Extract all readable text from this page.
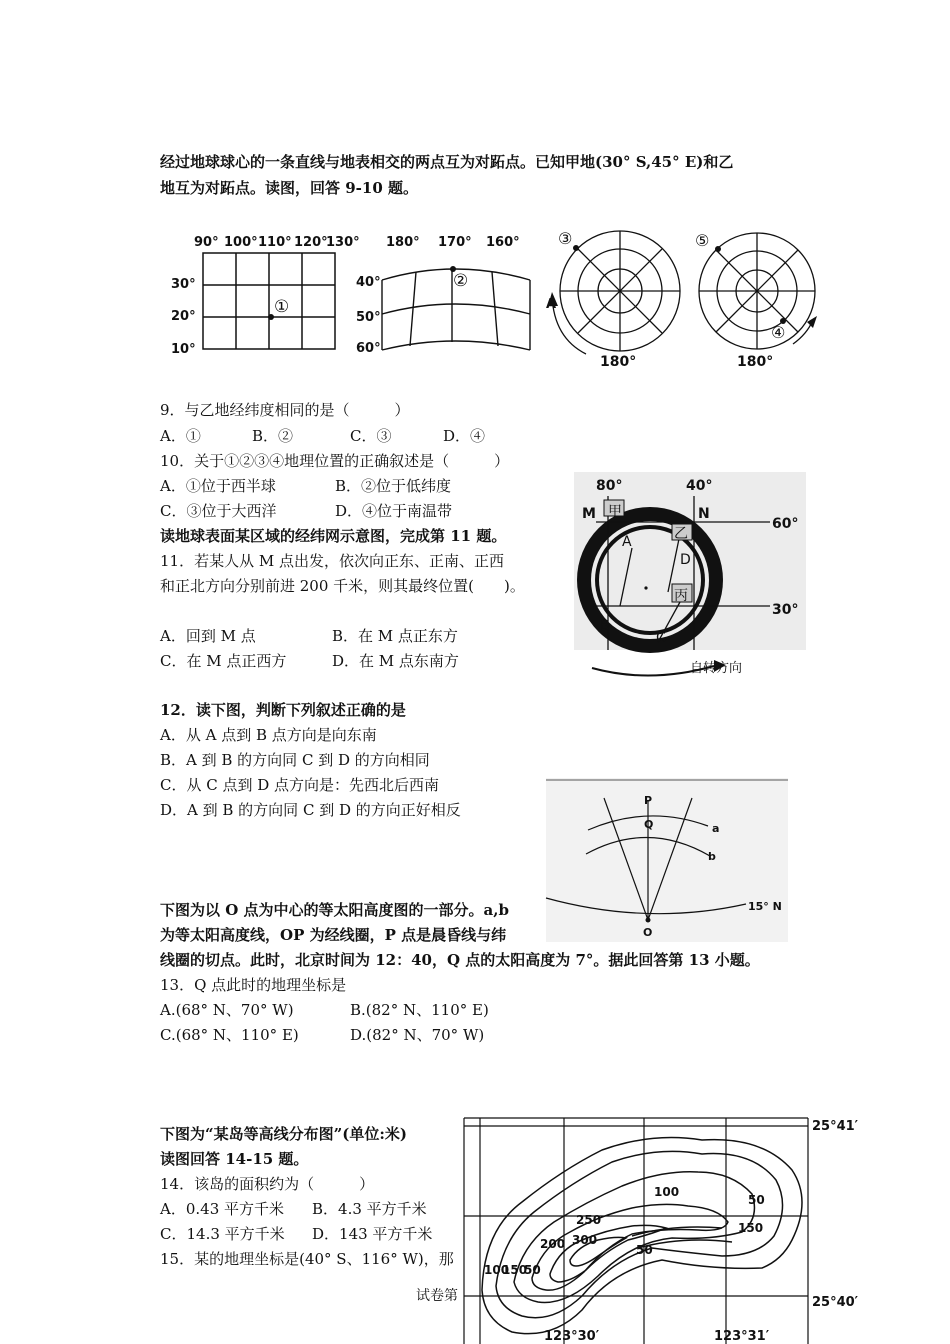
经过地球球心的一条直线与地表相交的两点互为对跖点。已知甲地(30° S,45° E)和乙
地互为对跖点。读图，回答 9-10 题。
90° 100° 110° 120°
130°
30°
20°
10°
①
180° 170° 160°
40°
50°
60°
②
③
A
180°
⑤
④
180°
9．与乙地经纬度相同的是（　　　）
A．①	B．②	C．③	D．④
10．关于①②③④地理位置的正确叙述是（　　　）
A．①位于西半球	B．②位于低纬度
C．③位于大西洋	D．④位于南温带
读地球表面某区域的经纬网示意图，完成第 11 题。
11．若某人从 M 点出发，依次向正东、正南、正西
和正北方向分别前进 200 千米，则其最终位置(　　)。
A．回到 M 点	B．在 M 点正东方
C．在 M 点正西方	D．在 M 点东南方
80°	40°
60°
30°
M	N
甲
乙
丙
A
B
C
D
自转方向
12．读下图，判断下列叙述正确的是
A．从 A 点到 B 点方向是向东南
B．A 到 B 的方向同 C 到 D 的方向相同
C．从 C 点到 D 点方向是：先西北后西南
D．A 到 B 的方向同 C 到 D 的方向正好相反
P
Q	a
b
O
15° N
下图为以 O 点为中心的等太阳高度图的一部分。a,b
为等太阳高度线，OP 为经线圈，P 点是晨昏线与纬
线圈的切点。此时，北京时间为 12：40，Q 点的太阳高度为 7°。据此回答第 13 小题。
13．Q 点此时的地理坐标是
A.(68° N、70° W)	B.(82° N、110° E)
C.(68° N、110° E)	D.(82° N、70° W)
下图为“某岛等高线分布图”(单位:米)
读图回答 14-15 题。
14．该岛的面积约为（　　　）
A．0.43 平方千米 B．4.3 平方千米
C．14.3 平方千米 D．143 平方千米
15．某的地理坐标是(40° S、116° W)，那
100
50
150
250
300
200	50
100
150
50
25°41′
25°40′
123°30′	123°31′
试卷第
